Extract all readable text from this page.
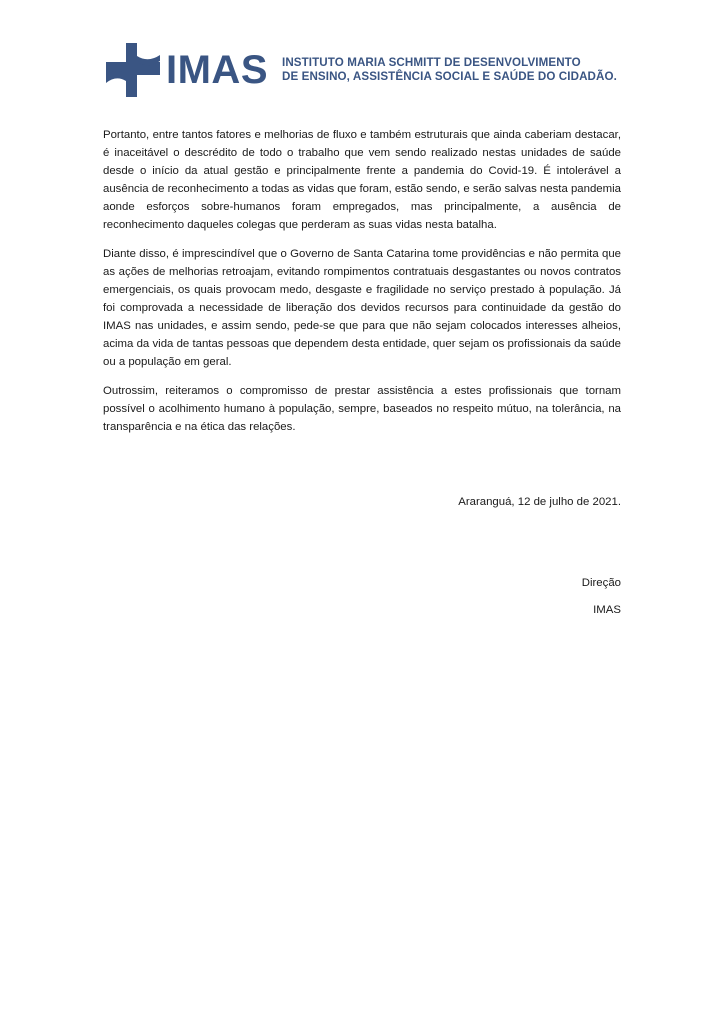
IMAS INSTITUTO MARIA SCHMITT DE DESENVOLVIMENTO
DE ENSINO, ASSISTÊNCIA SOCIAL E SAÚDE DO CIDADÃO.

Portanto, entre tantos fatores e melhorias de fluxo e também estruturais que ainda caberiam destacar, é inaceitável o descrédito de todo o trabalho que vem sendo realizado nestas unidades de saúde desde o início da atual gestão e principalmente frente a pandemia do Covid-19. É intolerável a ausência de reconhecimento a todas as vidas que foram, estão sendo, e serão salvas nesta pandemia aonde esforços sobre-humanos foram empregados, mas principalmente, a ausência de reconhecimento daqueles colegas que perderam as suas vidas nesta batalha.

Diante disso, é imprescindível que o Governo de Santa Catarina tome providências e não permita que as ações de melhorias retroajam, evitando rompimentos contratuais desgastantes ou novos contratos emergenciais, os quais provocam medo, desgaste e fragilidade no serviço prestado à população. Já foi comprovada a necessidade de liberação dos devidos recursos para continuidade da gestão do IMAS nas unidades, e assim sendo, pede-se que para que não sejam colocados interesses alheios, acima da vida de tantas pessoas que dependem desta entidade, quer sejam os profissionais da saúde ou a população em geral.

Outrossim, reiteramos o compromisso de prestar assistência a estes profissionais que tornam possível o acolhimento humano à população, sempre, baseados no respeito mútuo, na tolerância, na transparência e na ética das relações.

Araranguá, 12 de julho de 2021.
Direção
IMAS
